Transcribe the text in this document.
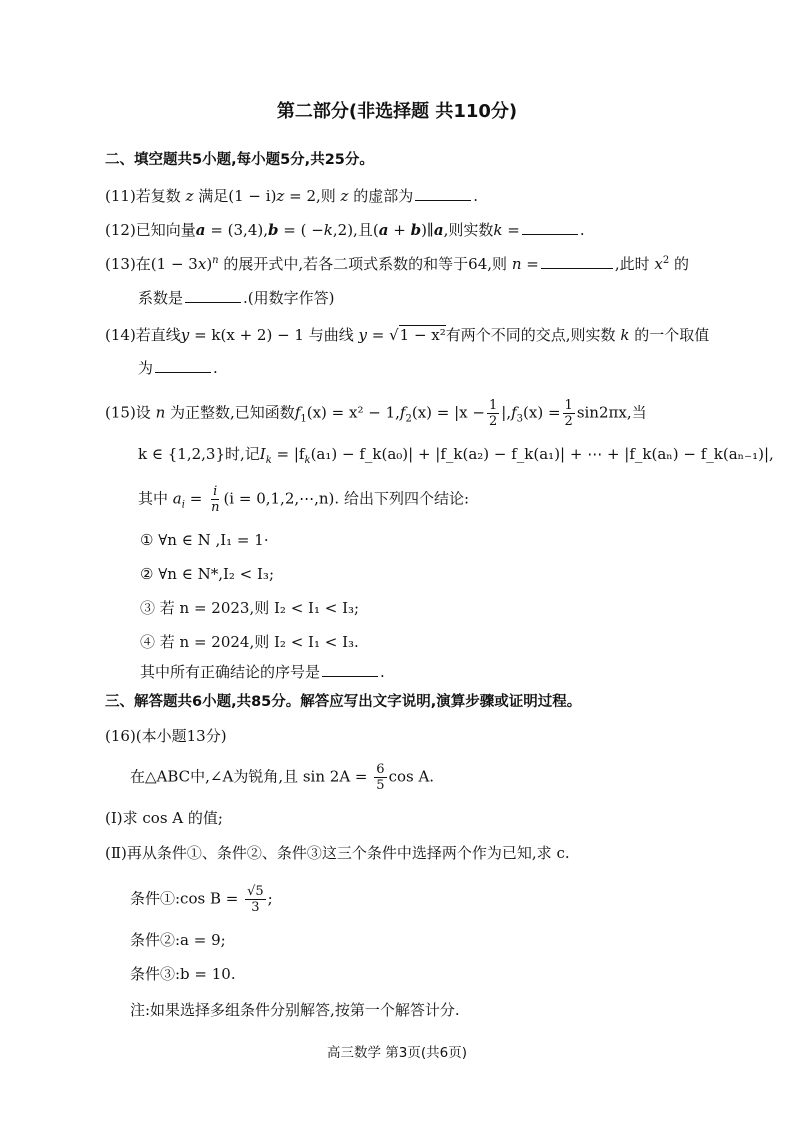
第二部分(非选择题 共110分)
二、填空题共5小题,每小题5分,共25分。
(11)若复数 z 满足(1 − i)z = 2,则 z 的虚部为	.
(12)已知向量a = (3,4),b = ( −k,2),且(a + b)∥a,则实数k =	.
(13)在$(1 - 3x)^n$ 的展开式中,若各二项式系数的和等于64,则 n =	,此时 $x^2$ 的
系数是	.(用数字作答)
(14)若直线y = k(x + 2) − 1 与曲线 y = √1 − x²有两个不同的交点,则实数 k 的一个取值
为	.
(15)设 n 为正整数,已知函数$f_1(x) = x^2 - 1,f_2(x) = |x - \frac{1}{2} |,f_3(x) = \frac{1}{2} \sin 2\pi x$,当
k ∈ {1,2,3}时,记$I_k = |f_k(a_1)$ − f_k(a₀)| + |f_k(a₂) − f_k(a₁)| + ⋯ + |f_k(aₙ) − f_k(aₙ₋₁)|,
其中 $a_i = \frac{i}{n} (i$ = 0,1,2,⋯,n). 给出下列四个结论:
① ∀n ∈ N ,I₁ = 1·
② ∀n ∈ N*,I₂ < I₃;
③ 若 n = 2023,则 I₂ < I₁ < I₃;
④ 若 n = 2024,则 I₂ < I₁ < I₃.
其中所有正确结论的序号是	.
三、解答题共6小题,共85分。解答应写出文字说明,演算步骤或证明过程。
(16)(本小题13分)
在△ABC中,∠A为锐角,且 $\sin 2A = \frac{6}{5}$ cos A.
(Ⅰ)求 cos A 的值;
(Ⅱ)再从条件①、条件②、条件③这三个条件中选择两个作为已知,求 c.
条件①:cos $B = \frac{√5}{3}$ ;
条件②:a = 9;
条件③:b = 10.
注:如果选择多组条件分别解答,按第一个解答计分.
高三数学 第3页(共6页)
